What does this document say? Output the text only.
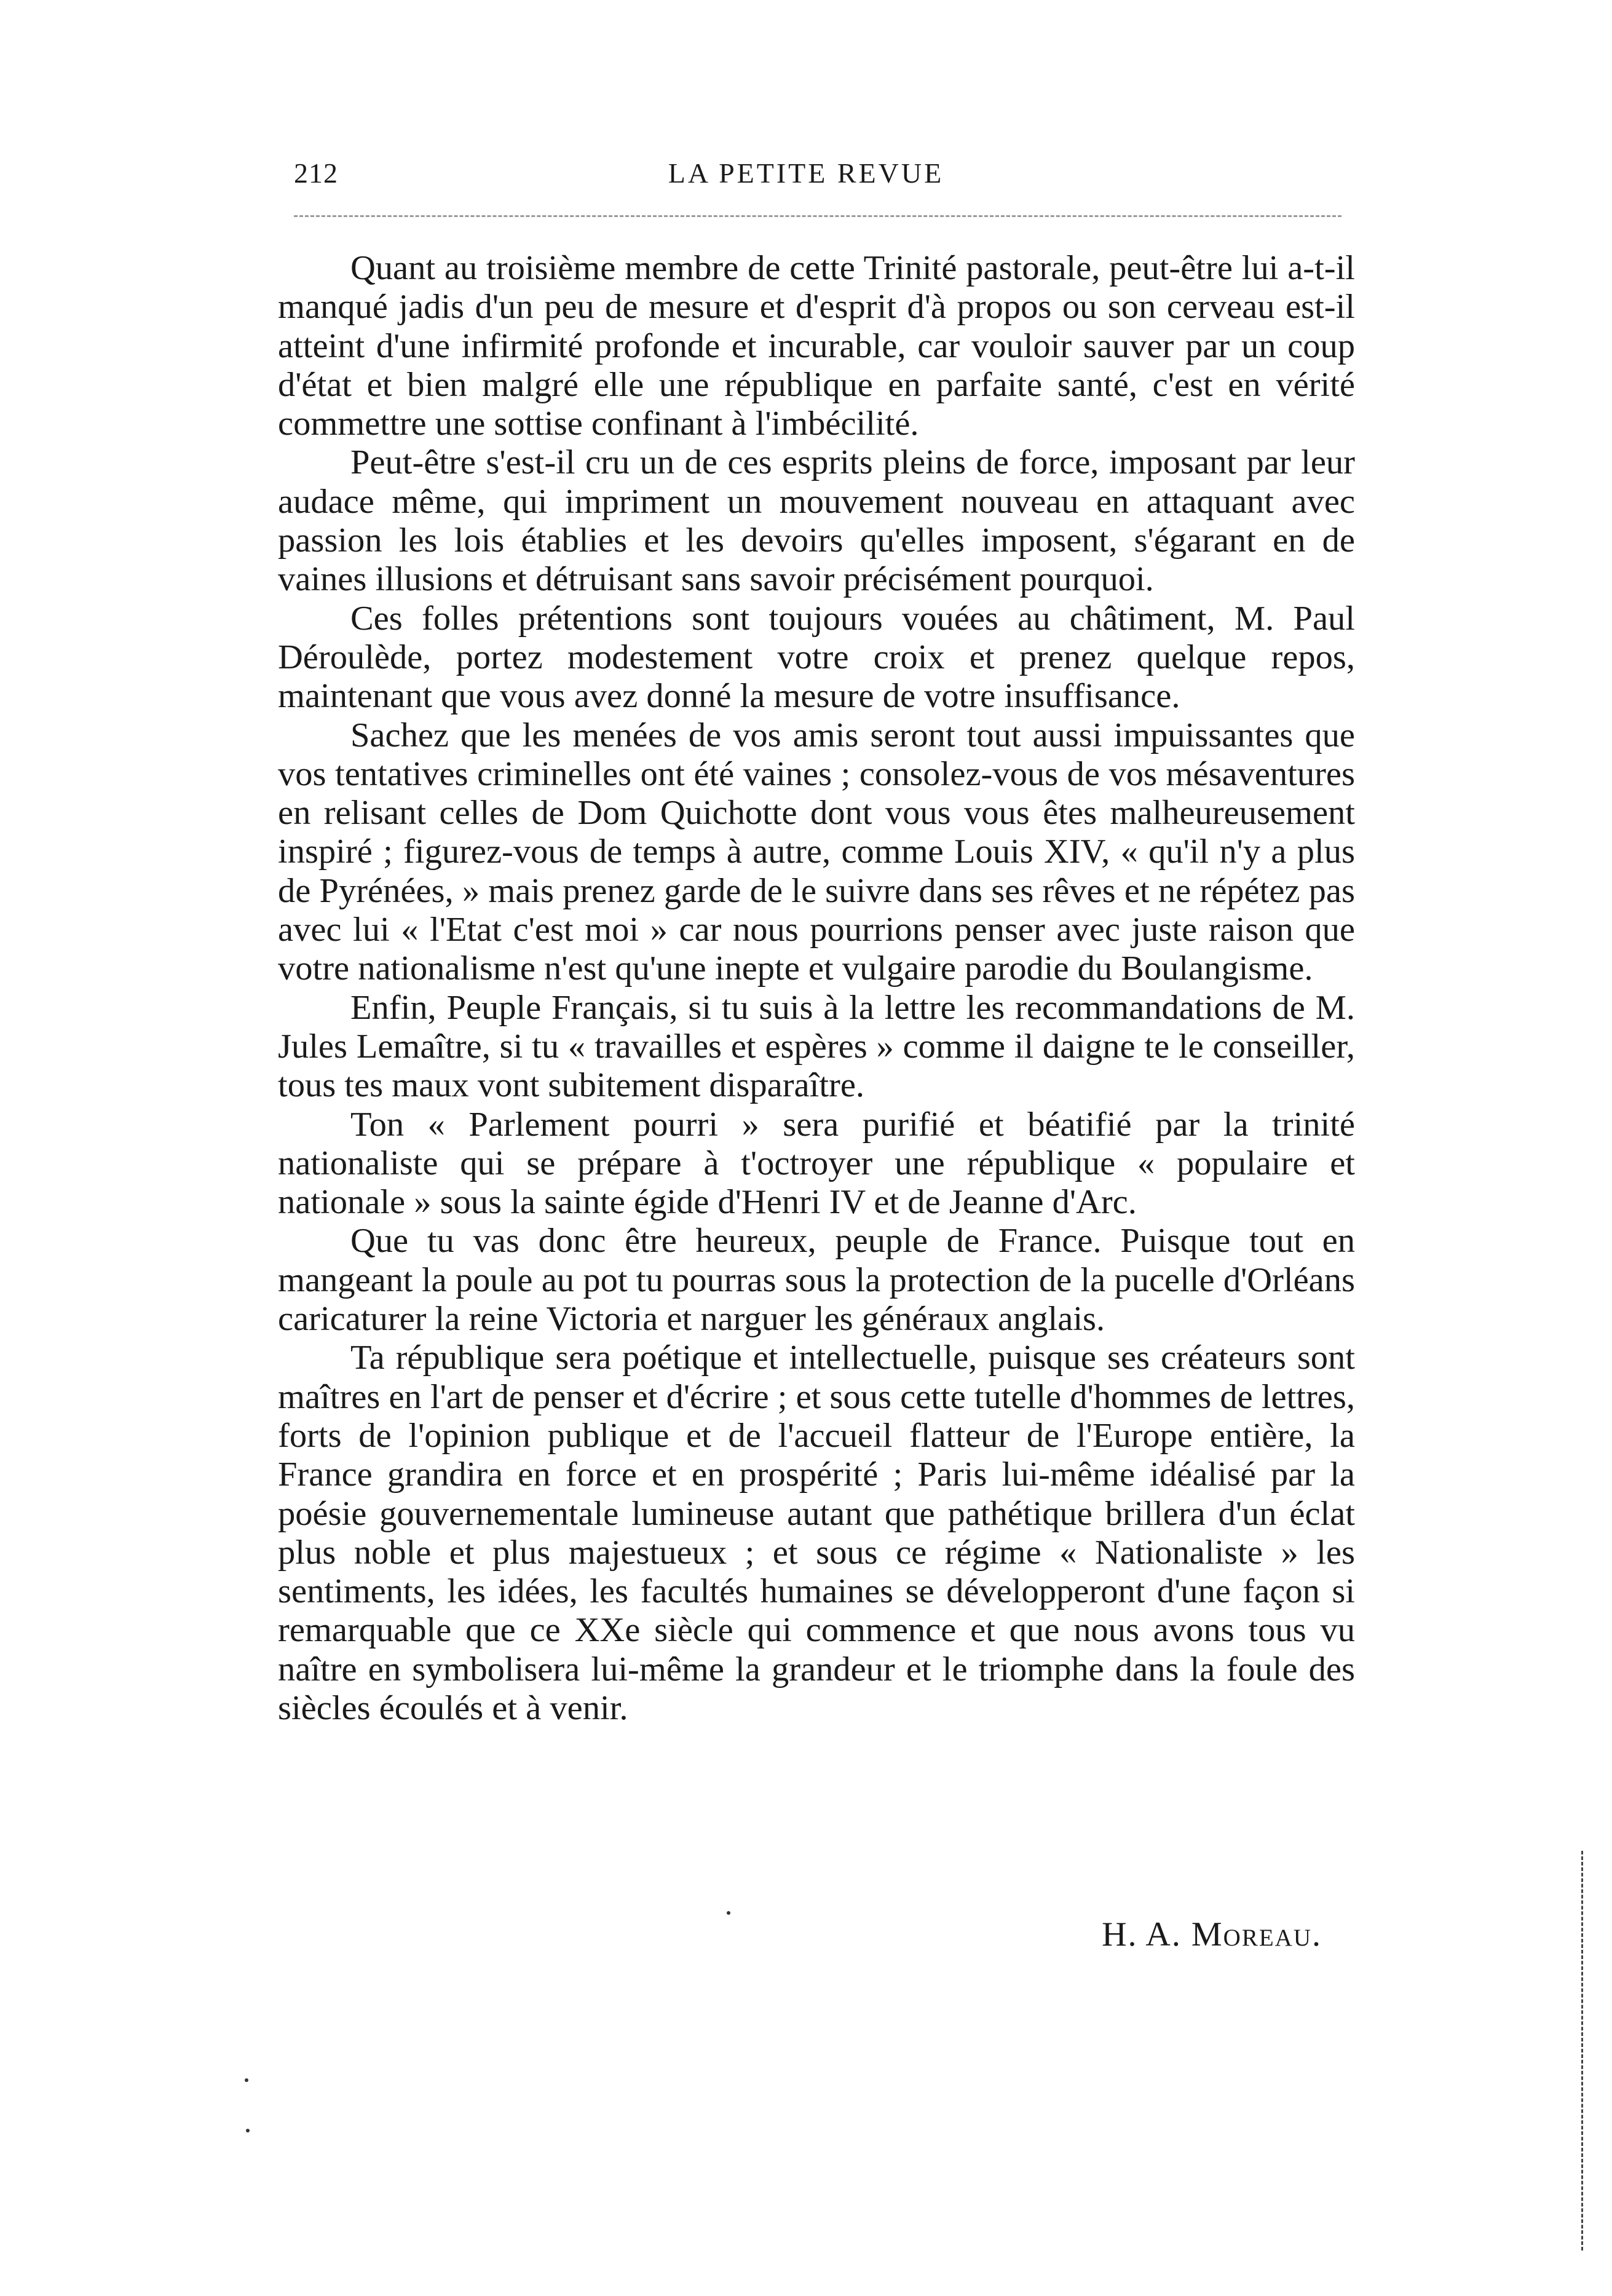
212	LA PETITE REVUE

Quant au troisième membre de cette Trinité pastorale, peut-être lui a-t-il manqué jadis d'un peu de mesure et d'esprit d'à propos ou son cerveau est-il atteint d'une infirmité profonde et incurable, car vouloir sauver par un coup d'état et bien malgré elle une république en parfaite santé, c'est en vérité commettre une sottise confinant à l'imbécilité.

Peut-être s'est-il cru un de ces esprits pleins de force, imposant par leur audace même, qui impriment un mouvement nouveau en attaquant avec passion les lois établies et les devoirs qu'elles imposent, s'égarant en de vaines illusions et détruisant sans savoir précisément pourquoi.

Ces folles prétentions sont toujours vouées au châtiment, M. Paul Déroulède, portez modestement votre croix et prenez quelque repos, maintenant que vous avez donné la mesure de votre insuffisance.

Sachez que les menées de vos amis seront tout aussi impuissantes que vos tentatives criminelles ont été vaines ; consolez-vous de vos mésaventures en relisant celles de Dom Quichotte dont vous vous êtes malheureusement inspiré ; figurez-vous de temps à autre, comme Louis XIV, « qu'il n'y a plus de Pyrénées, » mais prenez garde de le suivre dans ses rêves et ne répétez pas avec lui « l'Etat c'est moi » car nous pourrions penser avec juste raison que votre nationalisme n'est qu'une inepte et vulgaire parodie du Boulangisme.

Enfin, Peuple Français, si tu suis à la lettre les recommandations de M. Jules Lemaître, si tu « travailles et espères » comme il daigne te le conseiller, tous tes maux vont subitement disparaître.

Ton « Parlement pourri » sera purifié et béatifié par la trinité nationaliste qui se prépare à t'octroyer une république « populaire et nationale » sous la sainte égide d'Henri IV et de Jeanne d'Arc.

Que tu vas donc être heureux, peuple de France. Puisque tout en mangeant la poule au pot tu pourras sous la protection de la pucelle d'Orléans caricaturer la reine Victoria et narguer les généraux anglais.

Ta république sera poétique et intellectuelle, puisque ses créateurs sont maîtres en l'art de penser et d'écrire ; et sous cette tutelle d'hommes de lettres, forts de l'opinion publique et de l'accueil flatteur de l'Europe entière, la France grandira en force et en prospérité ; Paris lui-même idéalisé par la poésie gouvernementale lumineuse autant que pathétique brillera d'un éclat plus noble et plus majestueux ; et sous ce régime « Nationaliste » les sentiments, les idées, les facultés humaines se développeront d'une façon si remarquable que ce XXe siècle qui commence et que nous avons tous vu naître en symbolisera lui-même la grandeur et le triomphe dans la foule des siècles écoulés et à venir.

H. A. Moreau.
